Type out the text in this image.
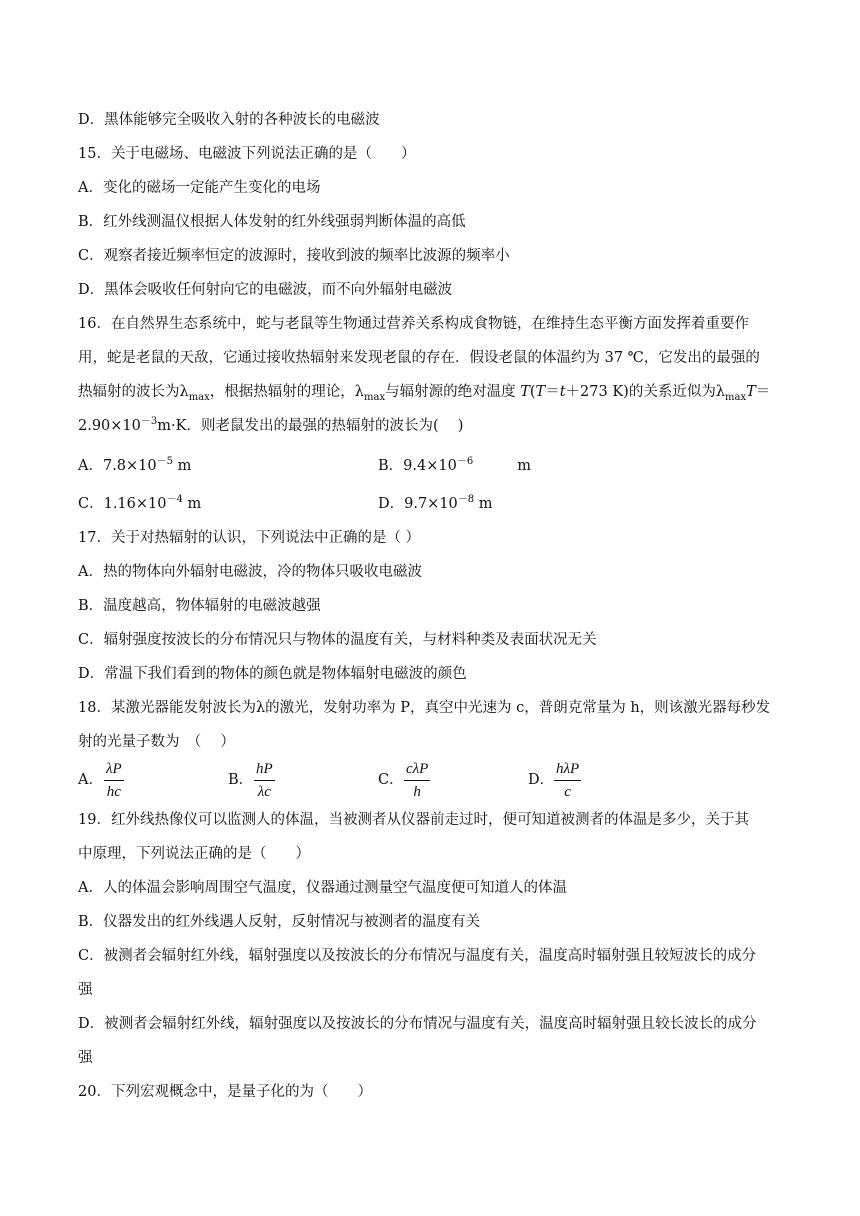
D．黑体能够完全吸收入射的各种波长的电磁波
15．关于电磁场、电磁波下列说法正确的是（　　）
A．变化的磁场一定能产生变化的电场
B．红外线测温仪根据人体发射的红外线强弱判断体温的高低
C．观察者接近频率恒定的波源时，接收到波的频率比波源的频率小
D．黑体会吸收任何射向它的电磁波，而不向外辐射电磁波
16．在自然界生态系统中，蛇与老鼠等生物通过营养关系构成食物链，在维持生态平衡方面发挥着重要作
用，蛇是老鼠的天敌，它通过接收热辐射来发现老鼠的存在．假设老鼠的体温约为 37 ℃，它发出的最强的
热辐射的波长为$\lambda_{max}$，根据热辐射的理论，$\lambda_{max}$与辐射源的绝对温度 T(T＝t＋273 K)的关系近似为$\lambda_{max}T=$
$2.90\times 10^{-3}m\cdot K$．则老鼠发出的最强的热辐射的波长为(　 )
A．$7.8\times 10^{-5}$ m	B．$9.4\times 10^{-6}$	m
C．$1.16\times 10^{-4}$ m	D．$9.7\times 10^{-8}$ m
17．关于对热辐射的认识，下列说法中正确的是（ ）
A．热的物体向外辐射电磁波，冷的物体只吸收电磁波
B．温度越高，物体辐射的电磁波越强
C．辐射强度按波长的分布情况只与物体的温度有关，与材料种类及表面状况无关
D．常温下我们看到的物体的颜色就是物体辐射电磁波的颜色
18．某激光器能发射波长为λ的激光，发射功率为 P，真空中光速为 c，普朗克常量为 h，则该激光器每秒发
射的光量子数为　（　 ）
A． $\frac{\lambda P}{hc}$	B． $\frac{hP}{\lambda c}$	C．
cλP
h
D．
hλP
c
19．红外线热像仪可以监测人的体温，当被测者从仪器前走过时，便可知道被测者的体温是多少，关于其
中原理，下列说法正确的是（　　）
A．人的体温会影响周围空气温度，仪器通过测量空气温度便可知道人的体温
B．仪器发出的红外线遇人反射，反射情况与被测者的温度有关
C．被测者会辐射红外线，辐射强度以及按波长的分布情况与温度有关，温度高时辐射强且较短波长的成分
强
D．被测者会辐射红外线，辐射强度以及按波长的分布情况与温度有关，温度高时辐射强且较长波长的成分
强
20．下列宏观概念中，是量子化的为（　　）
